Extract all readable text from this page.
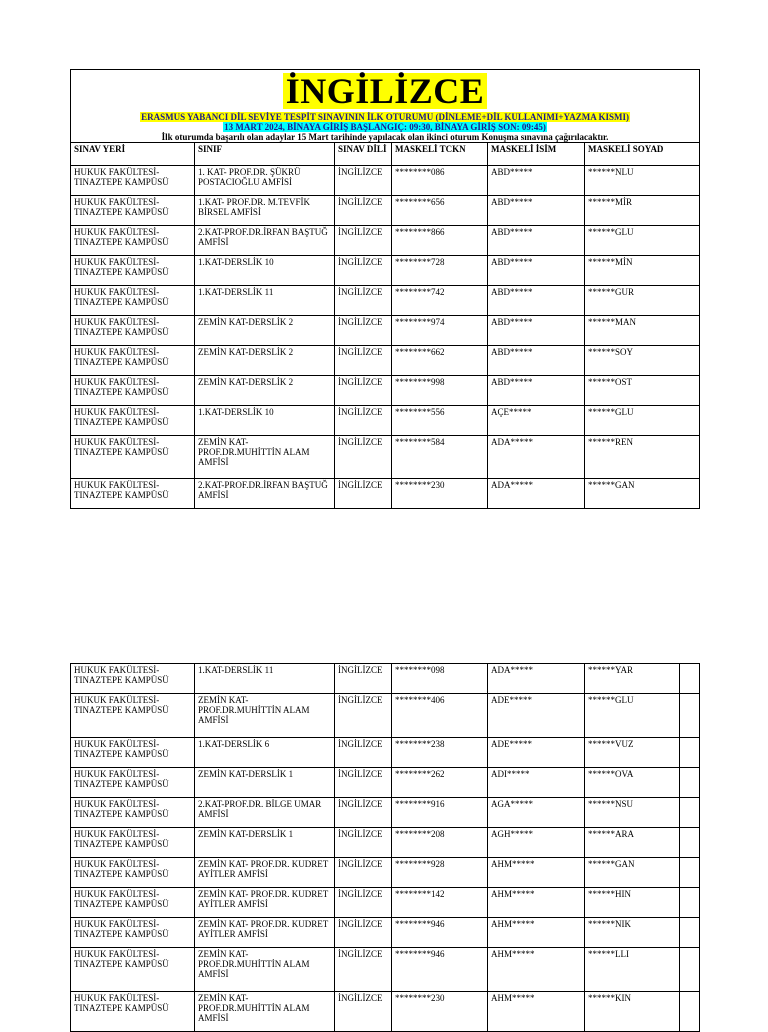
İNGİLİZCE
ERASMUS YABANCI DİL SEVİYE TESPİT SINAVININ İLK OTURUMU (DİNLEME+DİL KULLANIMI+YAZMA KISMI)
13 MART 2024, BİNAYA GİRİŞ BAŞLANGIÇ: 09:30, BİNAYA GİRİŞ SON: 09:45)
İlk oturumda başarılı olan adaylar 15 Mart tarihinde yapılacak olan ikinci oturum Konuşma sınavına çağırılacaktır.					

SINAV YERİ	SINIF	SINAV DİLİ	MASKELİ TCKN	MASKELİ İSİM	MASKELİ SOYAD
HUKUK FAKÜLTESİ-TINAZTEPE KAMPÜSÜ	1. KAT- PROF.DR. ŞÜKRÜ POSTACIOĞLU AMFİSİ	İNGİLİZCE	********086	ABD*****	******NLU
HUKUK FAKÜLTESİ-TINAZTEPE KAMPÜSÜ	1.KAT- PROF.DR. M.TEVFİK BİRSEL AMFİSİ	İNGİLİZCE	********656	ABD*****	******MİR
HUKUK FAKÜLTESİ-TINAZTEPE KAMPÜSÜ	2.KAT-PROF.DR.İRFAN BAŞTUĞ AMFİSİ	İNGİLİZCE	********866	ABD*****	******GLU
HUKUK FAKÜLTESİ-TINAZTEPE KAMPÜSÜ	1.KAT-DERSLİK 10	İNGİLİZCE	********728	ABD*****	******MİN
HUKUK FAKÜLTESİ-TINAZTEPE KAMPÜSÜ	1.KAT-DERSLİK 11	İNGİLİZCE	********742	ABD*****	******GUR
HUKUK FAKÜLTESİ-TINAZTEPE KAMPÜSÜ	ZEMİN KAT-DERSLİK 2	İNGİLİZCE	********974	ABD*****	******MAN
HUKUK FAKÜLTESİ-TINAZTEPE KAMPÜSÜ	ZEMİN KAT-DERSLİK 2	İNGİLİZCE	********662	ABD*****	******SOY
HUKUK FAKÜLTESİ-TINAZTEPE KAMPÜSÜ	ZEMİN KAT-DERSLİK 2	İNGİLİZCE	********998	ABD*****	******OST
HUKUK FAKÜLTESİ-TINAZTEPE KAMPÜSÜ	1.KAT-DERSLİK 10	İNGİLİZCE	********556	AÇE*****	******GLU
HUKUK FAKÜLTESİ-TINAZTEPE KAMPÜSÜ	ZEMİN KAT-PROF.DR.MUHİTTİN ALAM AMFİSİ	İNGİLİZCE	********584	ADA*****	******REN
HUKUK FAKÜLTESİ-TINAZTEPE KAMPÜSÜ	2.KAT-PROF.DR.İRFAN BAŞTUĞ AMFİSİ	İNGİLİZCE	********230	ADA*****	******GAN
HUKUK FAKÜLTESİ-TINAZTEPE KAMPÜSÜ	1.KAT-DERSLİK 11	İNGİLİZCE	********098	ADA*****	******YAR	
HUKUK FAKÜLTESİ-TINAZTEPE KAMPÜSÜ	ZEMİN KAT-PROF.DR.MUHİTTİN ALAM AMFİSİ	İNGİLİZCE	********406	ADE*****	******GLU	
HUKUK FAKÜLTESİ-TINAZTEPE KAMPÜSÜ	1.KAT-DERSLİK 6	İNGİLİZCE	********238	ADE*****	******VUZ	
HUKUK FAKÜLTESİ-TINAZTEPE KAMPÜSÜ	ZEMİN KAT-DERSLİK 1	İNGİLİZCE	********262	ADI*****	******OVA	
HUKUK FAKÜLTESİ-TINAZTEPE KAMPÜSÜ	2.KAT-PROF.DR. BİLGE UMAR AMFİSİ	İNGİLİZCE	********916	AGA*****	******NSU	
HUKUK FAKÜLTESİ-TINAZTEPE KAMPÜSÜ	ZEMİN KAT-DERSLİK 1	İNGİLİZCE	********208	AGH*****	******ARA	
HUKUK FAKÜLTESİ-TINAZTEPE KAMPÜSÜ	ZEMİN KAT- PROF.DR. KUDRET AYİTLER AMFİSİ	İNGİLİZCE	********928	AHM*****	******GAN	
HUKUK FAKÜLTESİ-TINAZTEPE KAMPÜSÜ	ZEMİN KAT- PROF.DR. KUDRET AYİTLER AMFİSİ	İNGİLİZCE	********142	AHM*****	******HIN	
HUKUK FAKÜLTESİ-TINAZTEPE KAMPÜSÜ	ZEMİN KAT- PROF.DR. KUDRET AYİTLER AMFİSİ	İNGİLİZCE	********946	AHM*****	******NIK	
HUKUK FAKÜLTESİ-TINAZTEPE KAMPÜSÜ	ZEMİN KAT-PROF.DR.MUHİTTİN ALAM AMFİSİ	İNGİLİZCE	********946	AHM*****	******LLI	
HUKUK FAKÜLTESİ-TINAZTEPE KAMPÜSÜ	ZEMİN KAT-PROF.DR.MUHİTTİN ALAM AMFİSİ	İNGİLİZCE	********230	AHM*****	******KIN	
